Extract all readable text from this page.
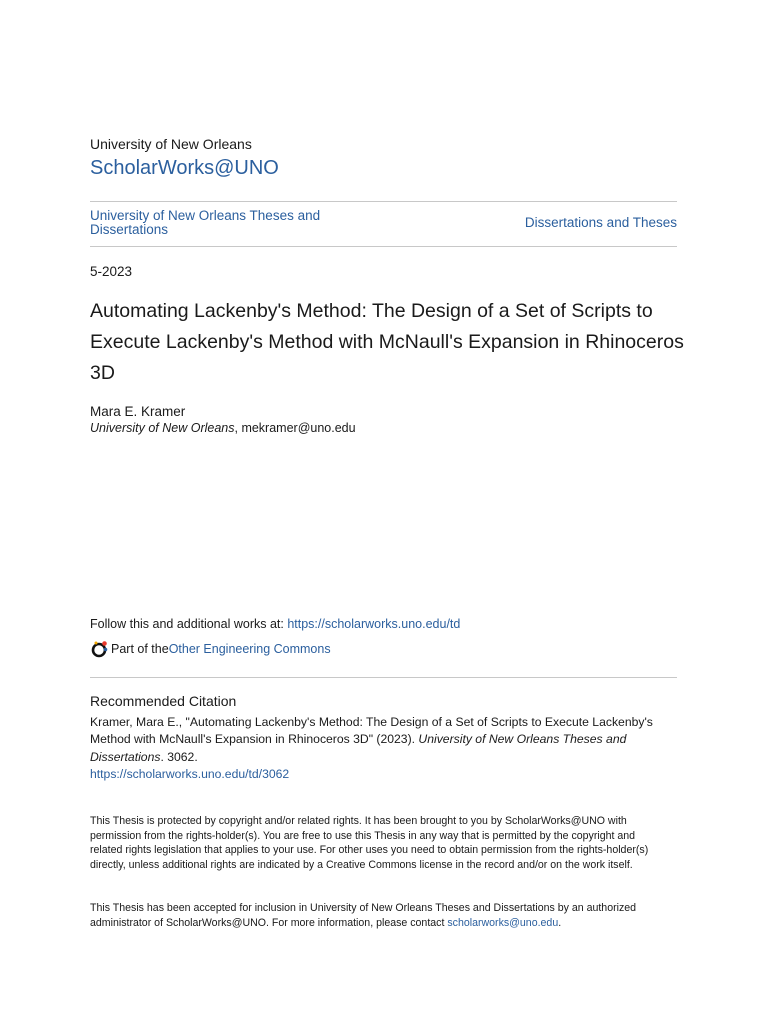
University of New Orleans
ScholarWorks@UNO
University of New Orleans Theses and Dissertations	Dissertations and Theses
5-2023
Automating Lackenby's Method: The Design of a Set of Scripts to Execute Lackenby's Method with McNaull's Expansion in Rhinoceros 3D
Mara E. Kramer
University of New Orleans, mekramer@uno.edu
Follow this and additional works at: https://scholarworks.uno.edu/td
Part of the Other Engineering Commons
Recommended Citation
Kramer, Mara E., "Automating Lackenby's Method: The Design of a Set of Scripts to Execute Lackenby's Method with McNaull's Expansion in Rhinoceros 3D" (2023). University of New Orleans Theses and Dissertations. 3062.
https://scholarworks.uno.edu/td/3062
This Thesis is protected by copyright and/or related rights. It has been brought to you by ScholarWorks@UNO with permission from the rights-holder(s). You are free to use this Thesis in any way that is permitted by the copyright and related rights legislation that applies to your use. For other uses you need to obtain permission from the rights-holder(s) directly, unless additional rights are indicated by a Creative Commons license in the record and/or on the work itself.
This Thesis has been accepted for inclusion in University of New Orleans Theses and Dissertations by an authorized administrator of ScholarWorks@UNO. For more information, please contact scholarworks@uno.edu.
